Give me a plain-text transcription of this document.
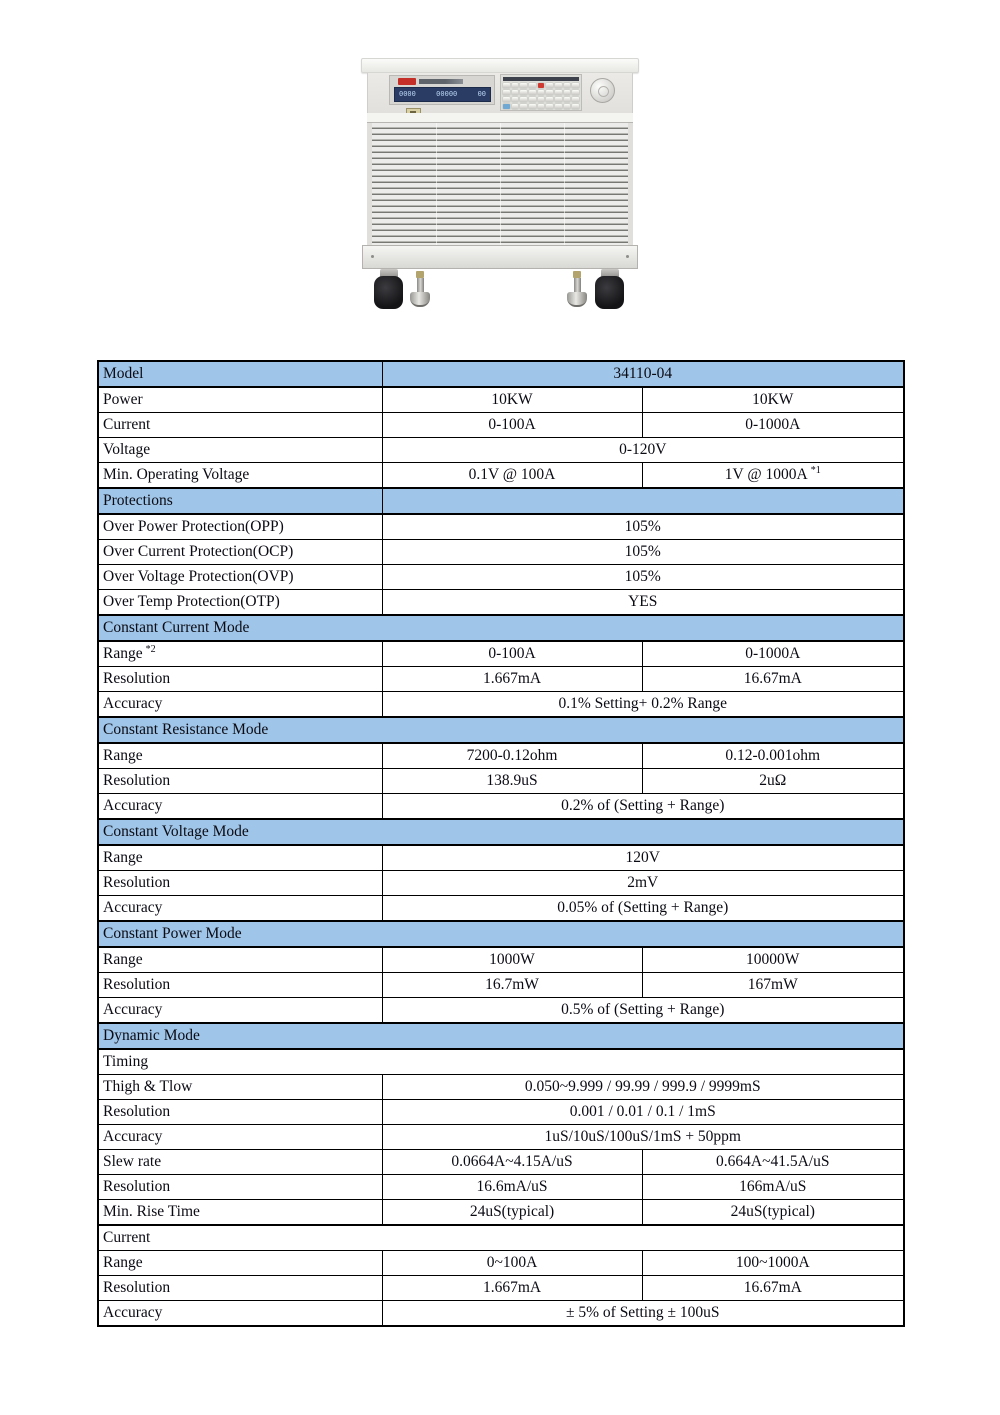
0000	00000	00
Model	34110-04	
Power	10KW	10KW
Current	0-100A	0-1000A
Voltage	0-120V	
Min. Operating Voltage	0.1V @ 100A	1V @ 1000A $^{*1}$
Protections		
Over Power Protection(OPP)	105%	
Over Current Protection(OCP)	105%	
Over Voltage Protection(OVP)	105%	
Over Temp Protection(OTP)	YES	
Constant Current Mode		
Range $^{*2}$	0-100A	0-1000A
Resolution	1.667mA	16.67mA
Accuracy	0.1% Setting+ 0.2% Range	
Constant Resistance Mode		
Range	7200-0.12ohm	0.12-0.001ohm
Resolution	138.9uS	2uΩ
Accuracy	0.2% of (Setting + Range)	
Constant Voltage Mode		
Range	120V	
Resolution	2mV	
Accuracy	0.05% of (Setting + Range)	
Constant Power Mode		
Range	1000W	10000W
Resolution	16.7mW	167mW
Accuracy	0.5% of (Setting + Range)	
Dynamic Mode		
Timing		
Thigh & Tlow	0.050~9.999 / 99.99 / 999.9 / 9999mS	
Resolution	0.001 / 0.01 / 0.1 / 1mS	
Accuracy	1uS/10uS/100uS/1mS + 50ppm	
Slew rate	0.0664A~4.15A/uS	0.664A~41.5A/uS
Resolution	16.6mA/uS	166mA/uS
Min. Rise Time	24uS(typical)	24uS(typical)
Current		
Range	0~100A	100~1000A
Resolution	1.667mA	16.67mA
Accuracy	± 5% of Setting ± 100uS	
